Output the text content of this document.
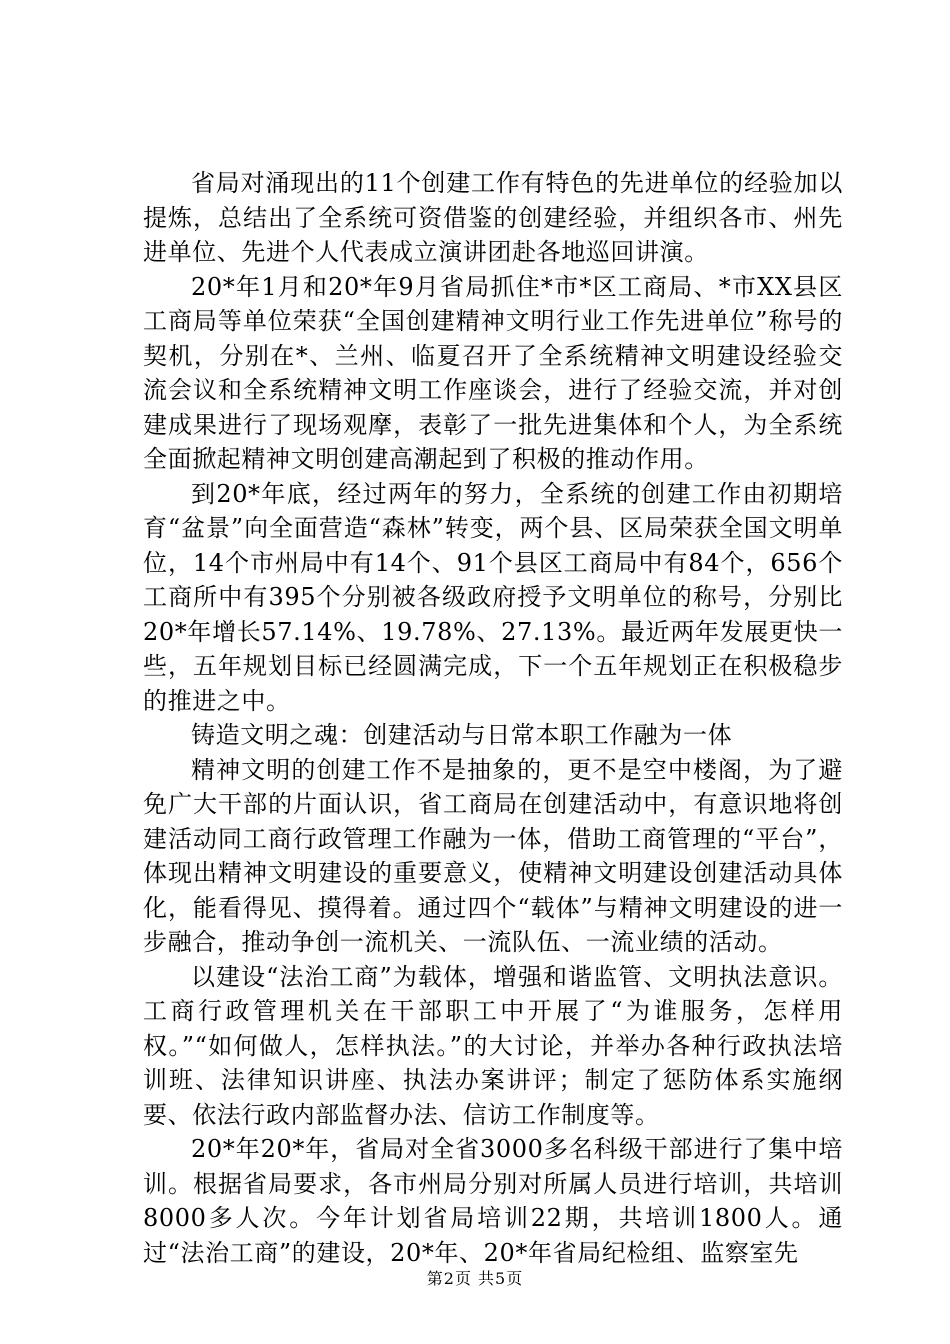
省局对涌现出的11个创建工作有特色的先进单位的经验加以提炼，总结出了全系统可资借鉴的创建经验，并组织各市、州先进单位、先进个人代表成立演讲团赴各地巡回讲演。

20*年1月和20*年9月省局抓住*市*区工商局、*市XX县区工商局等单位荣获“全国创建精神文明行业工作先进单位”称号的契机，分别在*、兰州、临夏召开了全系统精神文明建设经验交流会议和全系统精神文明工作座谈会，进行了经验交流，并对创建成果进行了现场观摩，表彰了一批先进集体和个人，为全系统全面掀起精神文明创建高潮起到了积极的推动作用。

到20*年底，经过两年的努力，全系统的创建工作由初期培育“盆景”向全面营造“森林”转变，两个县、区局荣获全国文明单位，14个市州局中有14个、91个县区工商局中有84个，656个工商所中有395个分别被各级政府授予文明单位的称号，分别比20*年增长57.14%、19.78%、27.13%。最近两年发展更快一些，五年规划目标已经圆满完成，下一个五年规划正在积极稳步的推进之中。

铸造文明之魂：创建活动与日常本职工作融为一体

精神文明的创建工作不是抽象的，更不是空中楼阁，为了避免广大干部的片面认识，省工商局在创建活动中，有意识地将创建活动同工商行政管理工作融为一体，借助工商管理的“平台”，体现出精神文明建设的重要意义，使精神文明建设创建活动具体化，能看得见、摸得着。通过四个“载体”与精神文明建设的进一步融合，推动争创一流机关、一流队伍、一流业绩的活动。

以建设“法治工商”为载体，增强和谐监管、文明执法意识。工商行政管理机关在干部职工中开展了“为谁服务，怎样用权。”“如何做人，怎样执法。”的大讨论，并举办各种行政执法培训班、法律知识讲座、执法办案讲评；制定了惩防体系实施纲要、依法行政内部监督办法、信访工作制度等。

20*年20*年，省局对全省3000多名科级干部进行了集中培训。根据省局要求，各市州局分别对所属人员进行培训，共培训8000多人次。今年计划省局培训22期，共培训1800人。通过“法治工商”的建设，20*年、20*年省局纪检组、监察室先

第2页 共5页
